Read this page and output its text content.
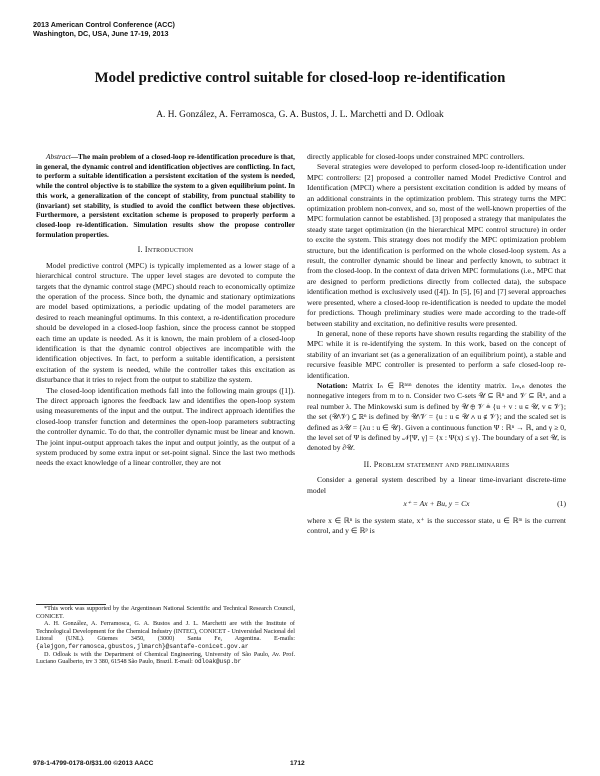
2013 American Control Conference (ACC)
Washington, DC, USA, June 17-19, 2013
Model predictive control suitable for closed-loop re-identification
A. H. González, A. Ferramosca, G. A. Bustos, J. L. Marchetti and D. Odloak

Abstract—The main problem of a closed-loop re-identification procedure is that, in general, the dynamic control and identification objectives are conflicting. In fact, to perform a suitable identification a persistent excitation of the system is needed, while the control objective is to stabilize the system to a given equilibrium point. In this work, a generalization of the concept of stability, from punctual stability to (invariant) set stability, is studied to avoid the conflict between these objectives. Furthermore, a persistent excitation scheme is proposed to properly perform a closed-loop re-identification. Simulation results show the propose controller formulation properties.

I. Introduction

Model predictive control (MPC) is typically implemented as a lower stage of a hierarchical control structure. The upper level stages are devoted to compute the targets that the dynamic control stage (MPC) should reach to economically optimize the operation of the process. Since both, the dynamic and stationary optimizations are model based optimizations, a periodic updating of the model parameters are desired to reach meaningful optimums. In this context, a re-identification procedure should be developed in a closed-loop fashion, since the process cannot be stopped each time an update is needed. As it is known, the main problem of a closed-loop identification is that the dynamic control objectives are incompatible with the identification objectives. In fact, to perform a suitable identification, a persistent excitation of the system is needed, while the controller takes this excitation as disturbance that it tries to reject from the output to stabilize the system.

The closed-loop identification methods fall into the following main groups ([1]). The direct approach ignores the feedback law and identifies the open-loop system using measurements of the input and the output. The indirect approach identifies the closed-loop transfer function and determines the open-loop parameters subtracting the controller dynamic. To do that, the controller dynamic must be linear and known. The joint input-output approach takes the input and output jointly, as the output of a system produced by some extra input or set-point signal. Since the last two methods needs the exact knowledge of a linear controller, they are not

*This work was supported by the Argentinean National Scientific and Technical Research Council, CONICET.

A. H. González, A. Ferramosca, G. A. Bustos and J. L. Marchetti are with the Institute of Technological Development for the Chemical Industry (INTEC), CONICET - Universidad Nacional del Litoral (UNL). Güemes 3450, (3000) Santa Fe, Argentina. E-mails: {alejgon,ferramosca,gbustos,jlmarch}@santafe-conicet.gov.ar

D. Odloak is with the Department of Chemical Engineering, University of São Paulo, Av. Prof. Luciano Gualberto, trv 3 380, 61548 São Paulo, Brazil. E-mail: odloak@usp.br

directly applicable for closed-loops under constrained MPC controllers.

Several strategies were developed to perform closed-loop re-identification under MPC controllers: [2] proposed a controller named Model Predictive Control and Identification (MPCI) where a persistent excitation condition is added by means of an additional constraints in the optimization problem. This strategy turns the MPC optimization problem non-convex, and so, most of the well-known properties of the MPC formulation cannot be established. [3] proposed a strategy that manipulates the steady state target optimization (in the hierarchical MPC control structure) in order to excite the system. This strategy does not modify the MPC optimization problem structure, but the identification is performed on the whole closed-loop system. As a result, the controller dynamic should be linear and perfectly known, to subtract it from the closed-loop. In the context of data driven MPC formulations (i.e., MPC that are designed to perform predictions directly from collected data), the subspace identification method is exclusively used ([4]). In [5], [6] and [7] several approaches were presented, where a closed-loop re-identification is needed to update the model for predictions. Though preliminary studies were made according to the trade-off between stability and excitation, no definitive results were presented.

In general, none of these reports have shown results regarding the stability of the MPC while it is re-identifying the system. In this work, based on the concept of stability of an invariant set (as a generalization of an equilibrium point), a stable and recursive feasible MPC controller is presented to perform a safe closed-loop re-identification.

Notation: Matrix Iₙ ∈ ℝⁿˣⁿ denotes the identity matrix. 1ₘ,ₙ denotes the nonnegative integers from m to n. Consider two C-sets 𝒰 ⊆ ℝⁿ and 𝒱 ⊆ ℝⁿ, and a real number λ. The Minkowski sum is defined by 𝒰 ⊕ 𝒱 ≜ {u + v : u ∈ 𝒰, v ∈ 𝒱}; the set (𝒰\𝒱) ⊆ ℝⁿ is defined by 𝒰\𝒱 = {u : u ∈ 𝒰 ∧ u ∉ 𝒱}; and the scaled set is defined as λ𝒰 = {λu : u ∈ 𝒰}. Given a continuous function Ψ : ℝⁿ → ℝ, and γ ≥ 0, the level set of Ψ is defined by 𝒩[Ψ, γ] = {x : Ψ(x) ≤ γ}. The boundary of a set 𝒰, is denoted by ∂𝒰.

II. Problem statement and preliminaries

Consider a general system described by a linear time-invariant discrete-time model

x⁺ = Ax + Bu, y = Cx	(1)

where x ∈ ℝⁿ is the system state, x⁺ is the successor state, u ∈ ℝᵐ is the current control, and y ∈ ℝᵖ is

978-1-4799-0178-0/$31.00 ©2013 AACC	1712
